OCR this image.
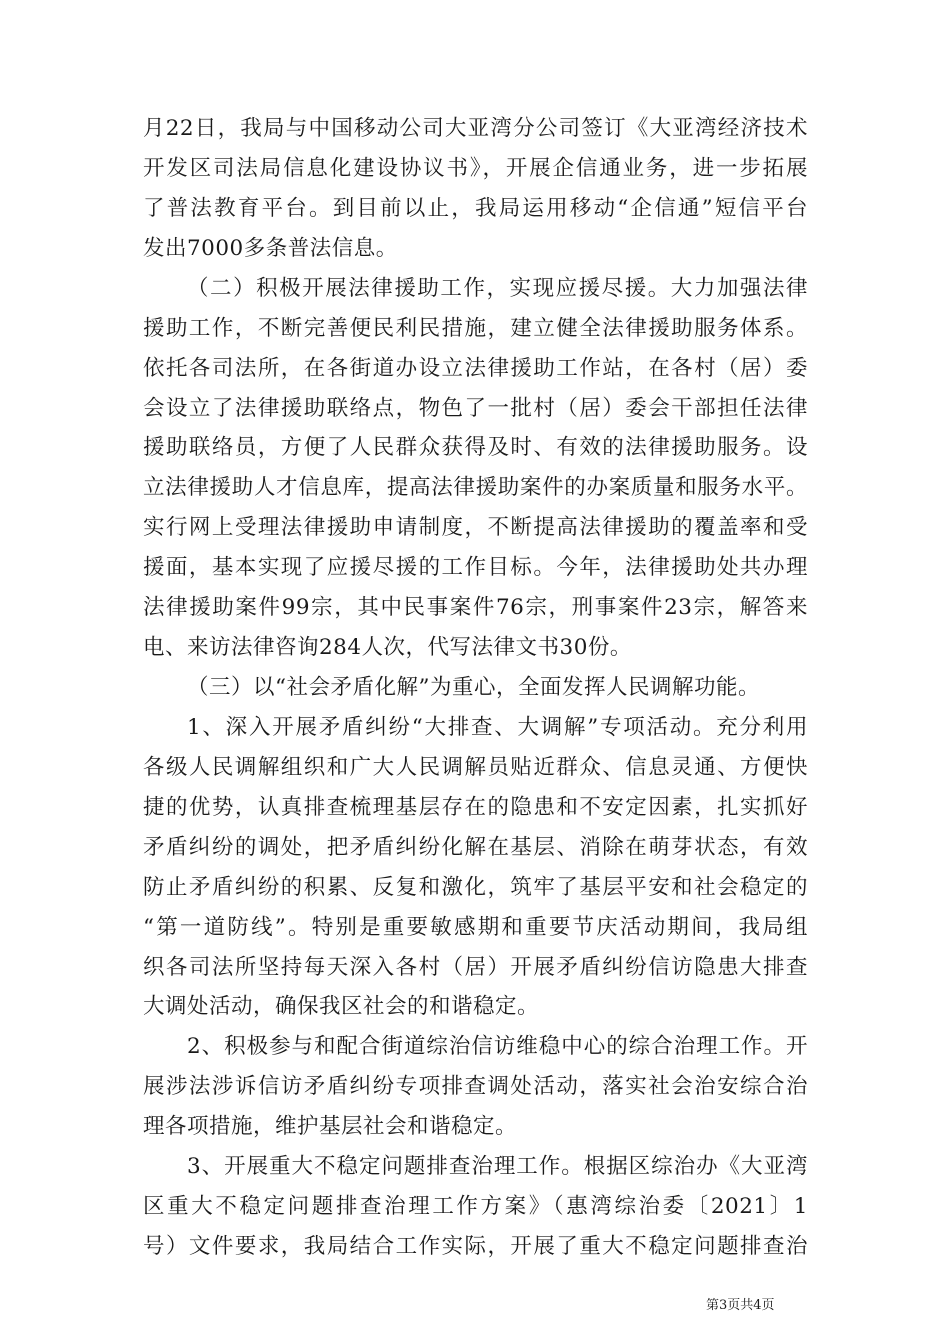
月22日，我局与中国移动公司大亚湾分公司签订《大亚湾经济技术
开发区司法局信息化建设协议书》，开展企信通业务，进一步拓展
了普法教育平台。到目前以止，我局运用移动“企信通”短信平台
发出7000多条普法信息。
（二）积极开展法律援助工作，实现应援尽援。大力加强法律
援助工作，不断完善便民利民措施，建立健全法律援助服务体系。
依托各司法所，在各街道办设立法律援助工作站，在各村（居）委
会设立了法律援助联络点，物色了一批村（居）委会干部担任法律
援助联络员，方便了人民群众获得及时、有效的法律援助服务。设
立法律援助人才信息库，提高法律援助案件的办案质量和服务水平。
实行网上受理法律援助申请制度，不断提高法律援助的覆盖率和受
援面，基本实现了应援尽援的工作目标。今年，法律援助处共办理
法律援助案件99宗，其中民事案件76宗，刑事案件23宗，解答来
电、来访法律咨询284人次，代写法律文书30份。
（三）以“社会矛盾化解”为重心，全面发挥人民调解功能。
1、深入开展矛盾纠纷“大排查、大调解”专项活动。充分利用
各级人民调解组织和广大人民调解员贴近群众、信息灵通、方便快
捷的优势，认真排查梳理基层存在的隐患和不安定因素，扎实抓好
矛盾纠纷的调处，把矛盾纠纷化解在基层、消除在萌芽状态，有效
防止矛盾纠纷的积累、反复和激化，筑牢了基层平安和社会稳定的
“第一道防线”。特别是重要敏感期和重要节庆活动期间，我局组
织各司法所坚持每天深入各村（居）开展矛盾纠纷信访隐患大排查
大调处活动，确保我区社会的和谐稳定。
2、积极参与和配合街道综治信访维稳中心的综合治理工作。开
展涉法涉诉信访矛盾纠纷专项排查调处活动，落实社会治安综合治
理各项措施，维护基层社会和谐稳定。
3、开展重大不稳定问题排查治理工作。根据区综治办《大亚湾
区重大不稳定问题排查治理工作方案》（惠湾综治委〔2021〕1
号）文件要求，我局结合工作实际，开展了重大不稳定问题排查治
第3页共4页
